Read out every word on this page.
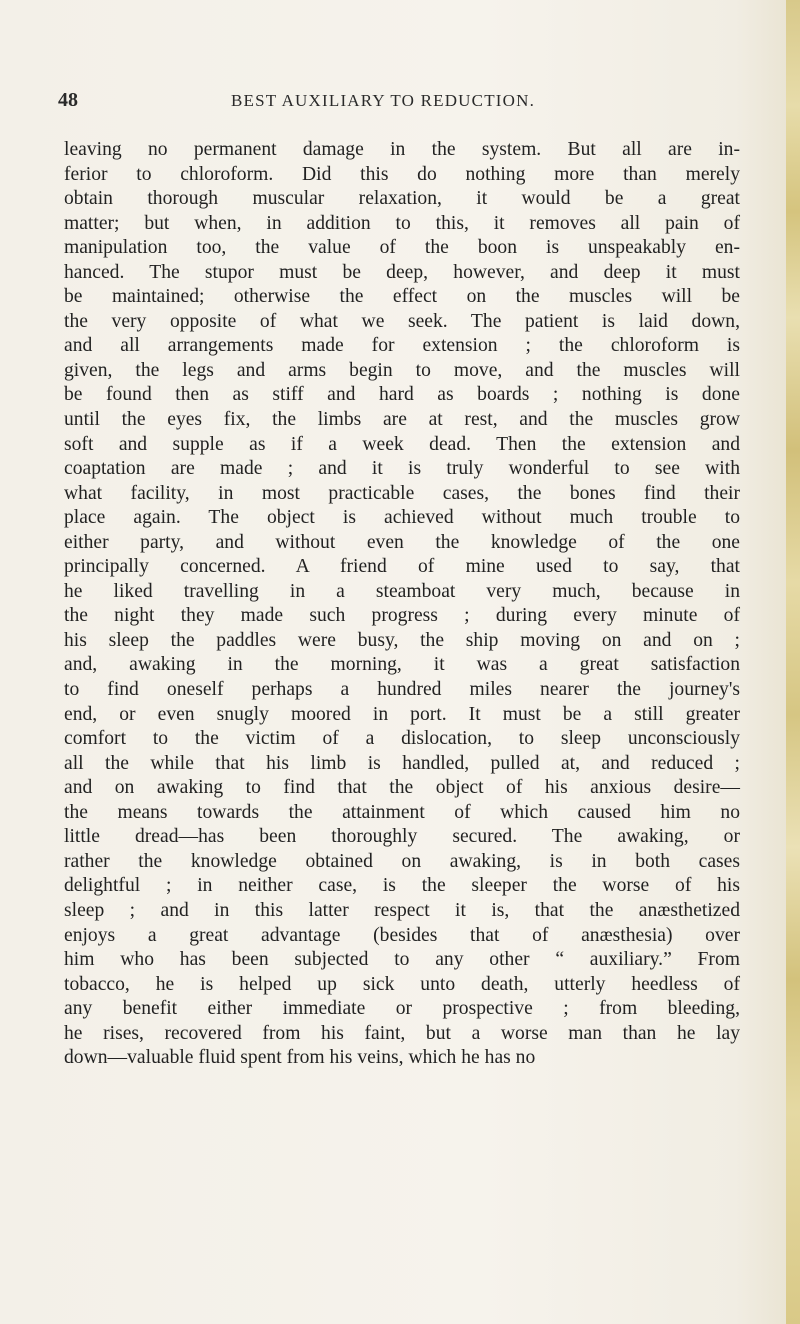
48	BEST AUXILIARY TO REDUCTION.
leaving no permanent damage in the system. But all are in-
ferior to chloroform. Did this do nothing more than merely
obtain thorough muscular relaxation, it would be a great
matter; but when, in addition to this, it removes all pain of
manipulation too, the value of the boon is unspeakably en-
hanced. The stupor must be deep, however, and deep it must
be maintained; otherwise the effect on the muscles will be
the very opposite of what we seek. The patient is laid down,
and all arrangements made for extension ; the chloroform is
given, the legs and arms begin to move, and the muscles will
be found then as stiff and hard as boards ; nothing is done
until the eyes fix, the limbs are at rest, and the muscles grow
soft and supple as if a week dead. Then the extension and
coaptation are made ; and it is truly wonderful to see with
what facility, in most practicable cases, the bones find their
place again. The object is achieved without much trouble to
either party, and without even the knowledge of the one
principally concerned. A friend of mine used to say, that
he liked travelling in a steamboat very much, because in
the night they made such progress ; during every minute of
his sleep the paddles were busy, the ship moving on and on ;
and, awaking in the morning, it was a great satisfaction
to find oneself perhaps a hundred miles nearer the journey's
end, or even snugly moored in port. It must be a still greater
comfort to the victim of a dislocation, to sleep unconsciously
all the while that his limb is handled, pulled at, and reduced ;
and on awaking to find that the object of his anxious desire—
the means towards the attainment of which caused him no
little dread—has been thoroughly secured. The awaking, or
rather the knowledge obtained on awaking, is in both cases
delightful ; in neither case, is the sleeper the worse of his
sleep ; and in this latter respect it is, that the anæsthetized
enjoys a great advantage (besides that of anæsthesia) over
him who has been subjected to any other “ auxiliary.” From
tobacco, he is helped up sick unto death, utterly heedless of
any benefit either immediate or prospective ; from bleeding,
he rises, recovered from his faint, but a worse man than he lay
down—valuable fluid spent from his veins, which he has no
